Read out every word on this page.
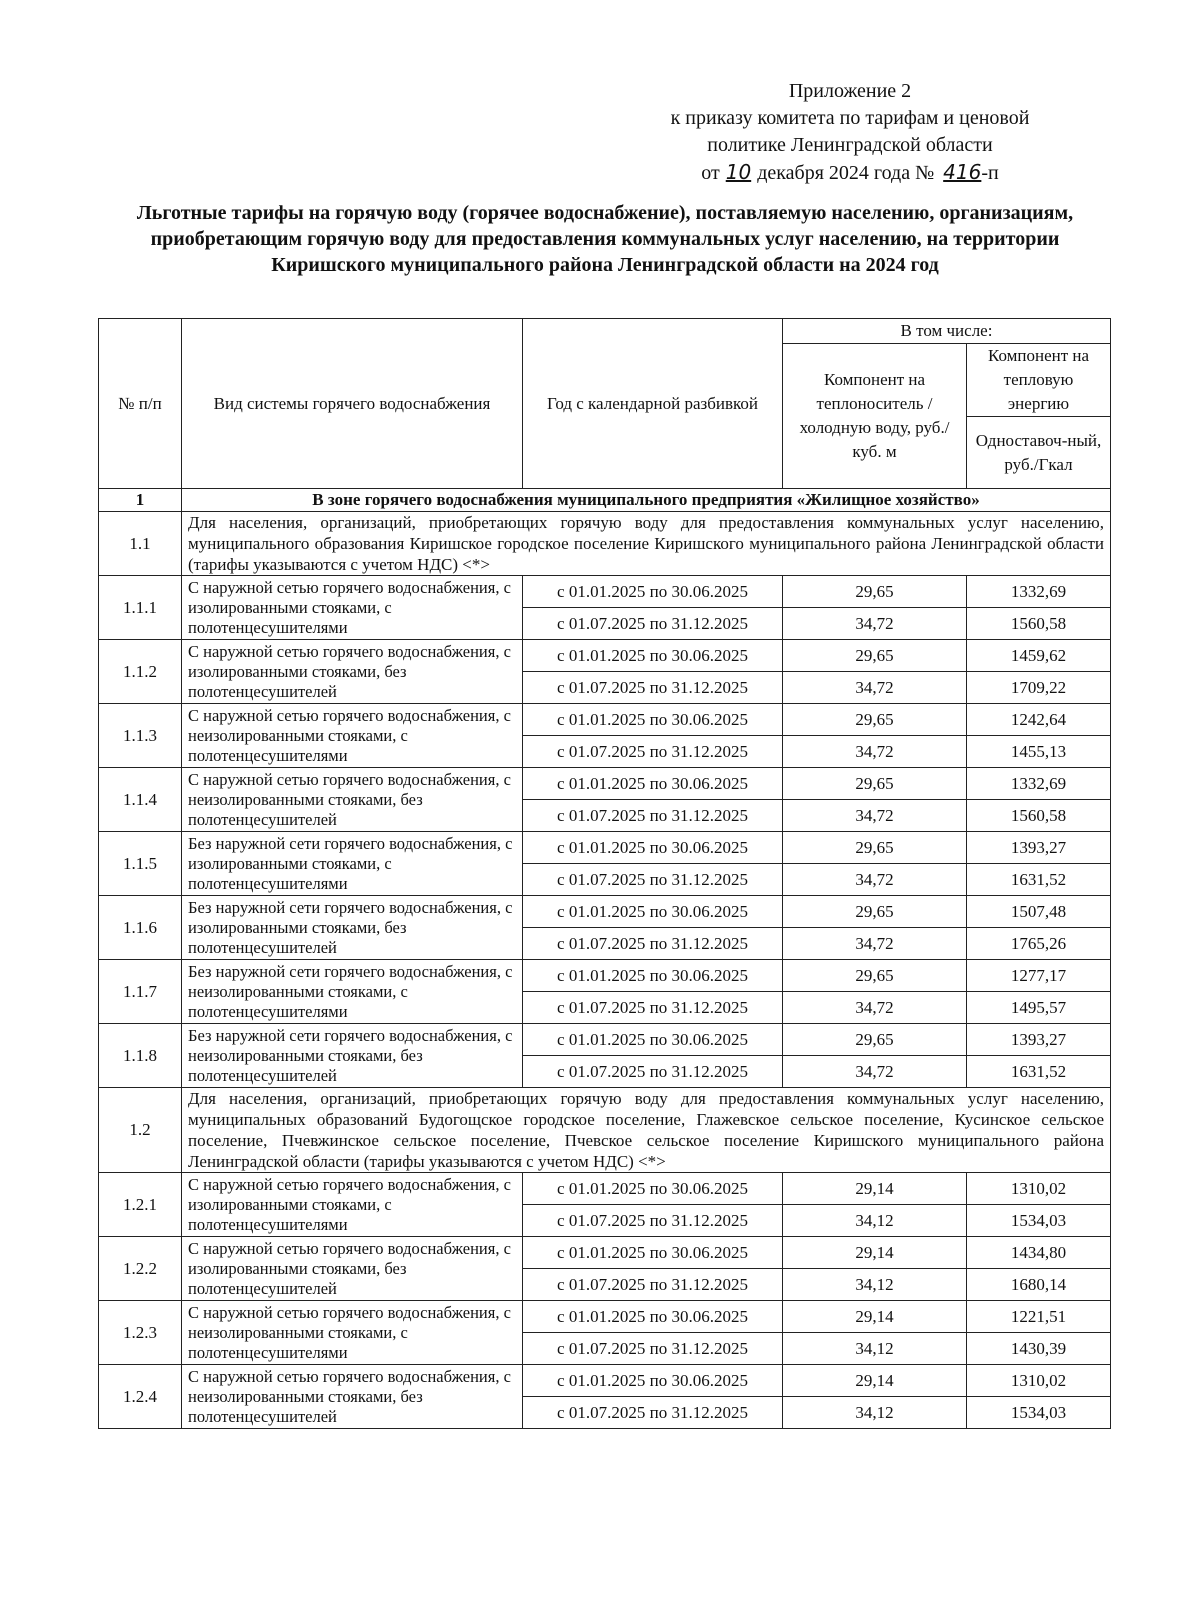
Приложение 2
к приказу комитета по тарифам и ценовой
политике Ленинградской области
от 10 декабря 2024 года № 416-п
Льготные тарифы на горячую воду (горячее водоснабжение), поставляемую населению, организациям, приобретающим горячую воду для предоставления коммунальных услуг населению, на территории Киришского муниципального района Ленинградской области на 2024 год
№ п/п	Вид системы горячего водоснабжения	Год с календарной разбивкой	В том числе:	
			Компонент на теплоноситель /холодную воду, руб./куб. м	Компонент на тепловую энергию
				Одноставоч-ный, руб./Гкал
1	В зоне горячего водоснабжения муниципального предприятия «Жилищное хозяйство»			
1.1	Для населения, организаций, приобретающих горячую воду для предоставления коммунальных услуг населению, муниципального образования Киришское городское поселение Киришского муниципального района Ленинградской области (тарифы указываются с учетом НДС) <*>			
1.1.1	С наружной сетью горячего водоснабжения, с изолированными стояками, с полотенцесушителями	с 01.01.2025 по 30.06.2025	29,65	1332,69
		с 01.07.2025 по 31.12.2025	34,72	1560,58
1.1.2	С наружной сетью горячего водоснабжения, с изолированными стояками, без полотенцесушителей	с 01.01.2025 по 30.06.2025	29,65	1459,62
		с 01.07.2025 по 31.12.2025	34,72	1709,22
1.1.3	С наружной сетью горячего водоснабжения, с неизолированными стояками, с полотенцесушителями	с 01.01.2025 по 30.06.2025	29,65	1242,64
		с 01.07.2025 по 31.12.2025	34,72	1455,13
1.1.4	С наружной сетью горячего водоснабжения, с неизолированными стояками, без полотенцесушителей	с 01.01.2025 по 30.06.2025	29,65	1332,69
		с 01.07.2025 по 31.12.2025	34,72	1560,58
1.1.5	Без наружной сети горячего водоснабжения, с изолированными стояками, с полотенцесушителями	с 01.01.2025 по 30.06.2025	29,65	1393,27
		с 01.07.2025 по 31.12.2025	34,72	1631,52
1.1.6	Без наружной сети горячего водоснабжения, с изолированными стояками, без полотенцесушителей	с 01.01.2025 по 30.06.2025	29,65	1507,48
		с 01.07.2025 по 31.12.2025	34,72	1765,26
1.1.7	Без наружной сети горячего водоснабжения, с неизолированными стояками, с полотенцесушителями	с 01.01.2025 по 30.06.2025	29,65	1277,17
		с 01.07.2025 по 31.12.2025	34,72	1495,57
1.1.8	Без наружной сети горячего водоснабжения, с неизолированными стояками, без полотенцесушителей	с 01.01.2025 по 30.06.2025	29,65	1393,27
		с 01.07.2025 по 31.12.2025	34,72	1631,52
1.2	Для населения, организаций, приобретающих горячую воду для предоставления коммунальных услуг населению, муниципальных образований Будогощское городское поселение, Глажевское сельское поселение, Кусинское сельское поселение, Пчевжинское сельское поселение, Пчевское сельское поселение Киришского муниципального района Ленинградской области (тарифы указываются с учетом НДС) <*>			
1.2.1	С наружной сетью горячего водоснабжения, с изолированными стояками, с полотенцесушителями	с 01.01.2025 по 30.06.2025	29,14	1310,02
		с 01.07.2025 по 31.12.2025	34,12	1534,03
1.2.2	С наружной сетью горячего водоснабжения, с изолированными стояками, без полотенцесушителей	с 01.01.2025 по 30.06.2025	29,14	1434,80
		с 01.07.2025 по 31.12.2025	34,12	1680,14
1.2.3	С наружной сетью горячего водоснабжения, с неизолированными стояками, с полотенцесушителями	с 01.01.2025 по 30.06.2025	29,14	1221,51
		с 01.07.2025 по 31.12.2025	34,12	1430,39
1.2.4	С наружной сетью горячего водоснабжения, с неизолированными стояками, без полотенцесушителей	с 01.01.2025 по 30.06.2025	29,14	1310,02
		с 01.07.2025 по 31.12.2025	34,12	1534,03
